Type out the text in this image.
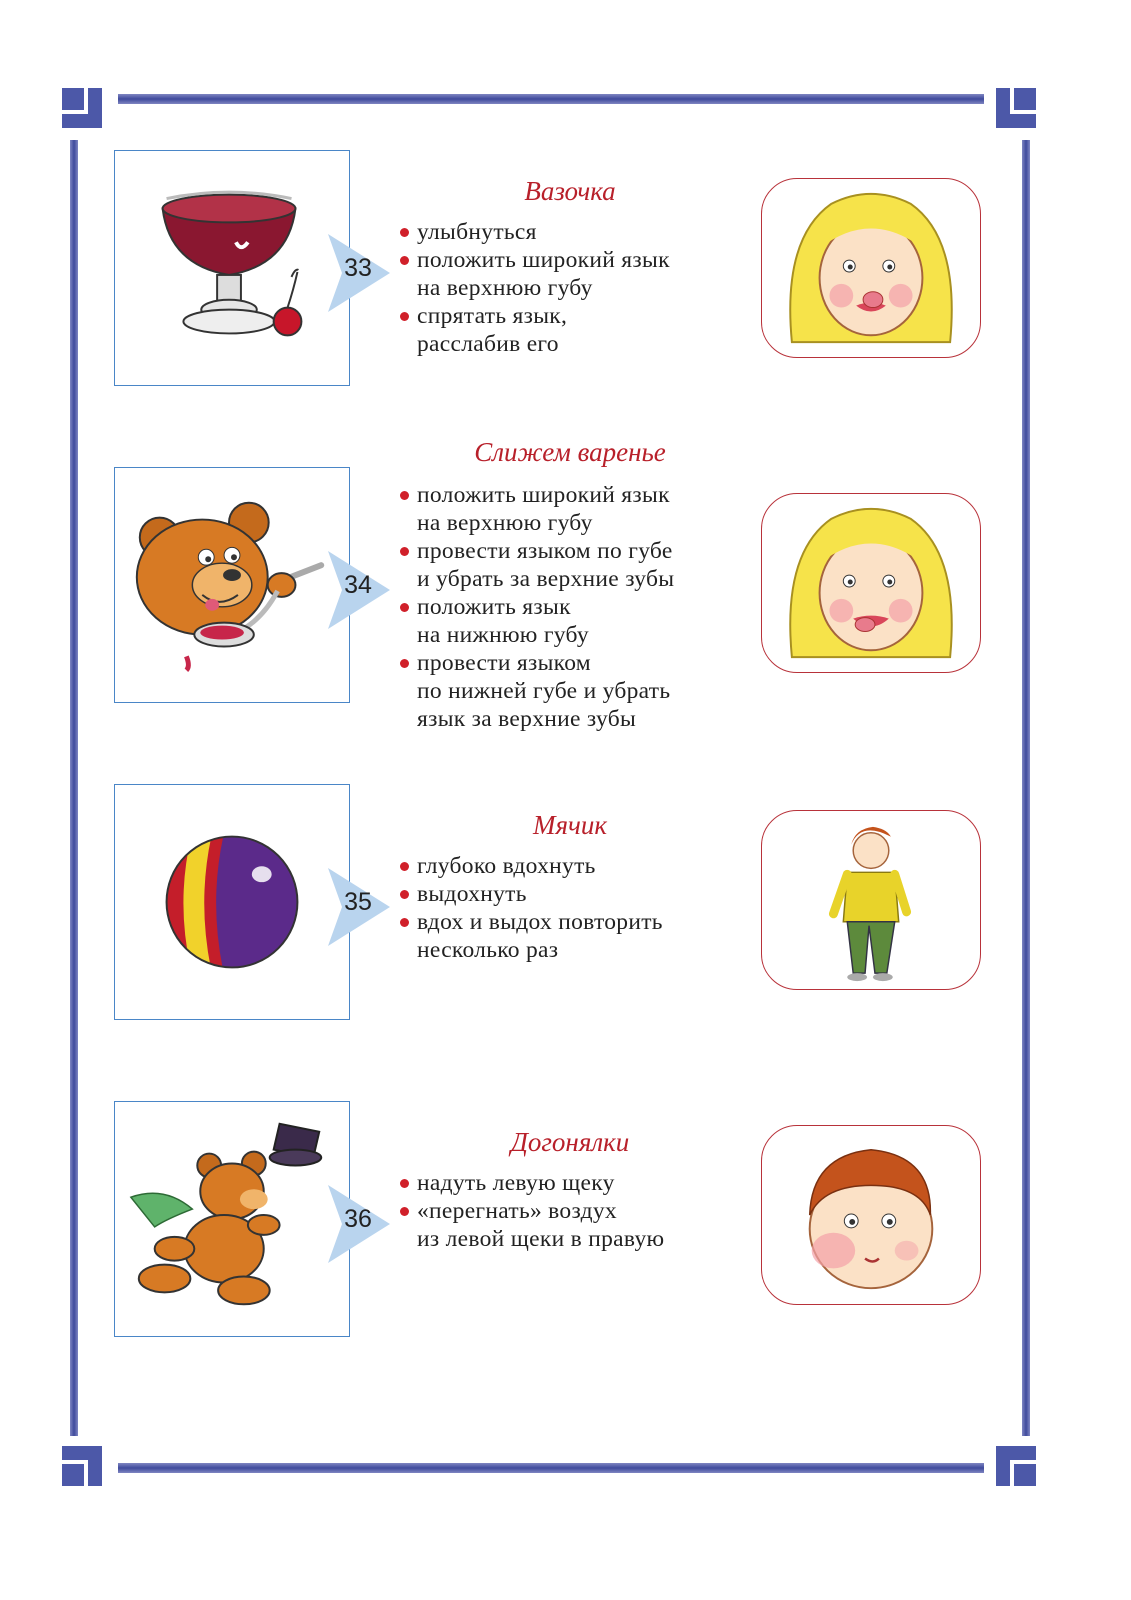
33
Вазочка
улыбнуться
положить широкий язык
на верхнюю губу
спрятать язык,
расслабив его
34
Слижем варенье
положить широкий язык
на верхнюю губу
провести языком по губе
и убрать за верхние зубы
положить язык
на нижнюю губу
провести языком
по нижней губе и убрать
язык за верхние зубы
35
Мячик
глубоко вдохнуть
выдохнуть
вдох и выдох повторить
несколько раз
36
Догонялки
надуть левую щеку
«перегнать» воздух
из левой щеки в правую
